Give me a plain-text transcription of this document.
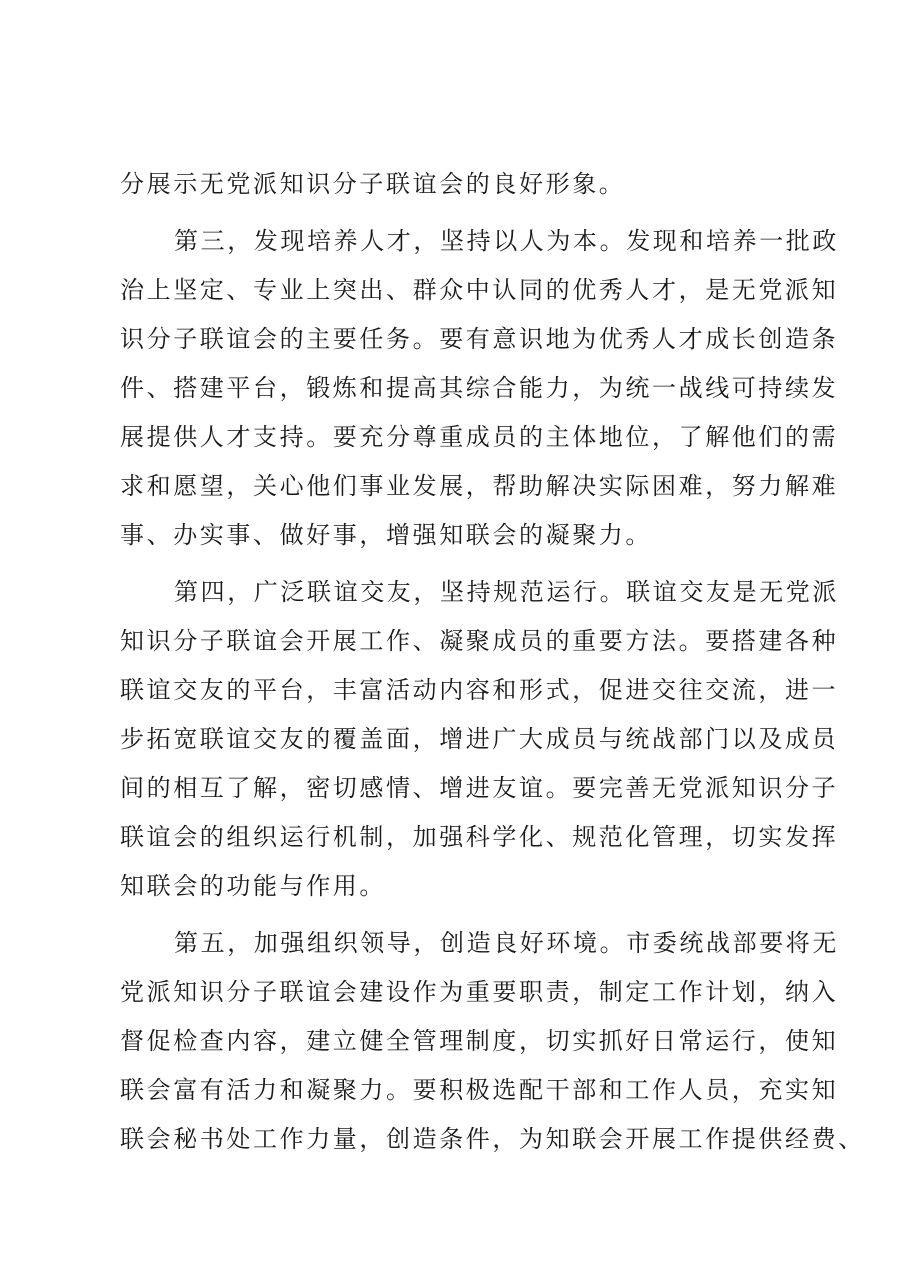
分展示无党派知识分子联谊会的良好形象。
第三，发现培养人才，坚持以人为本。发现和培养一批政
治上坚定、专业上突出、群众中认同的优秀人才，是无党派知
识分子联谊会的主要任务。要有意识地为优秀人才成长创造条
件、搭建平台，锻炼和提高其综合能力，为统一战线可持续发
展提供人才支持。要充分尊重成员的主体地位，了解他们的需
求和愿望，关心他们事业发展，帮助解决实际困难，努力解难
事、办实事、做好事，增强知联会的凝聚力。
第四，广泛联谊交友，坚持规范运行。联谊交友是无党派
知识分子联谊会开展工作、凝聚成员的重要方法。要搭建各种
联谊交友的平台，丰富活动内容和形式，促进交往交流，进一
步拓宽联谊交友的覆盖面，增进广大成员与统战部门以及成员
间的相互了解，密切感情、增进友谊。要完善无党派知识分子
联谊会的组织运行机制，加强科学化、规范化管理，切实发挥
知联会的功能与作用。
第五，加强组织领导，创造良好环境。市委统战部要将无
党派知识分子联谊会建设作为重要职责，制定工作计划，纳入
督促检查内容，建立健全管理制度，切实抓好日常运行，使知
联会富有活力和凝聚力。要积极选配干部和工作人员，充实知
联会秘书处工作力量，创造条件，为知联会开展工作提供经费、
